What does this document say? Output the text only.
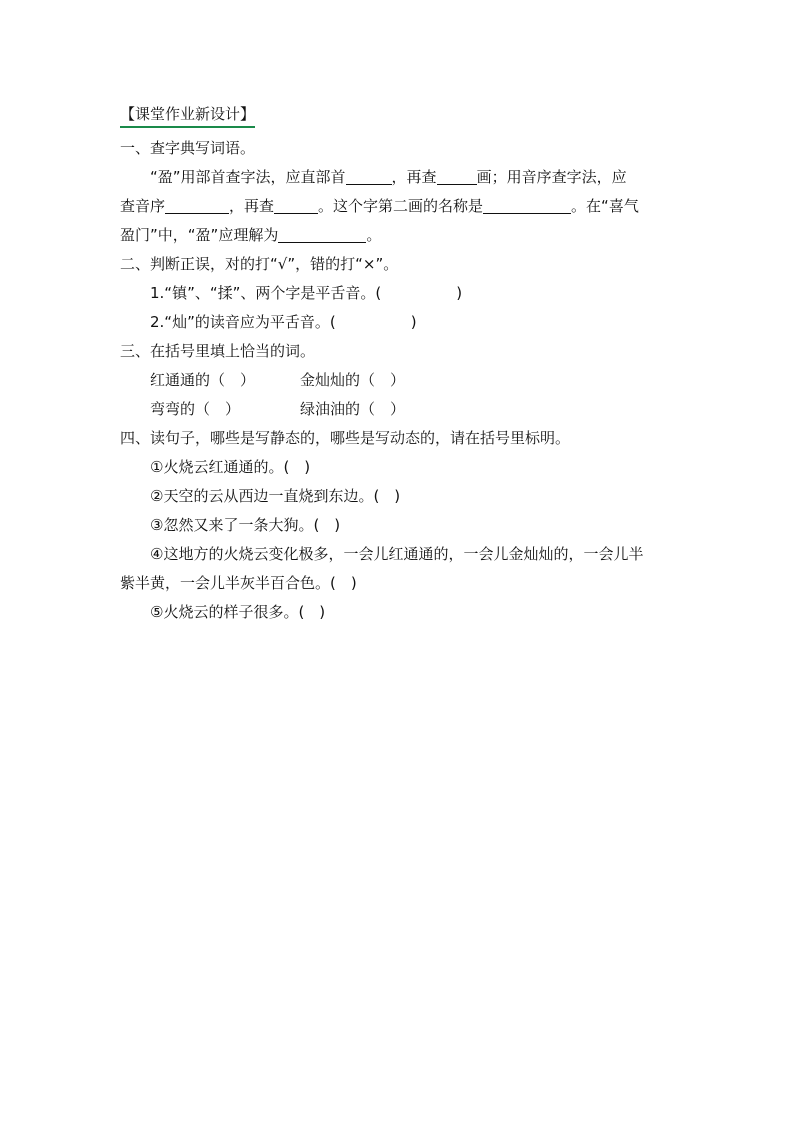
【课堂作业新设计】
一、查字典写词语。
“盈”用部首查字法，应直部首	，再查	画；用音序查字法，应
查音序	，再查	。这个字第二画的名称是	。在“喜气
盈门”中，“盈”应理解为	。
二、判断正误，对的打“√”，错的打“×”。
1.“镇”、“揉”、两个字是平舌音。(　　　　　)
2.“灿”的读音应为平舌音。(　　　　　)
三、在括号里填上恰当的词。
红通通的（　）	金灿灿的（　）
弯弯的（　）	绿油油的（　）
四、读句子，哪些是写静态的，哪些是写动态的，请在括号里标明。
①火烧云红通通的。(　)
②天空的云从西边一直烧到东边。(　)
③忽然又来了一条大狗。(　)
④这地方的火烧云变化极多，一会儿红通通的，一会儿金灿灿的，一会儿半
紫半黄，一会儿半灰半百合色。(　)
⑤火烧云的样子很多。(　)
